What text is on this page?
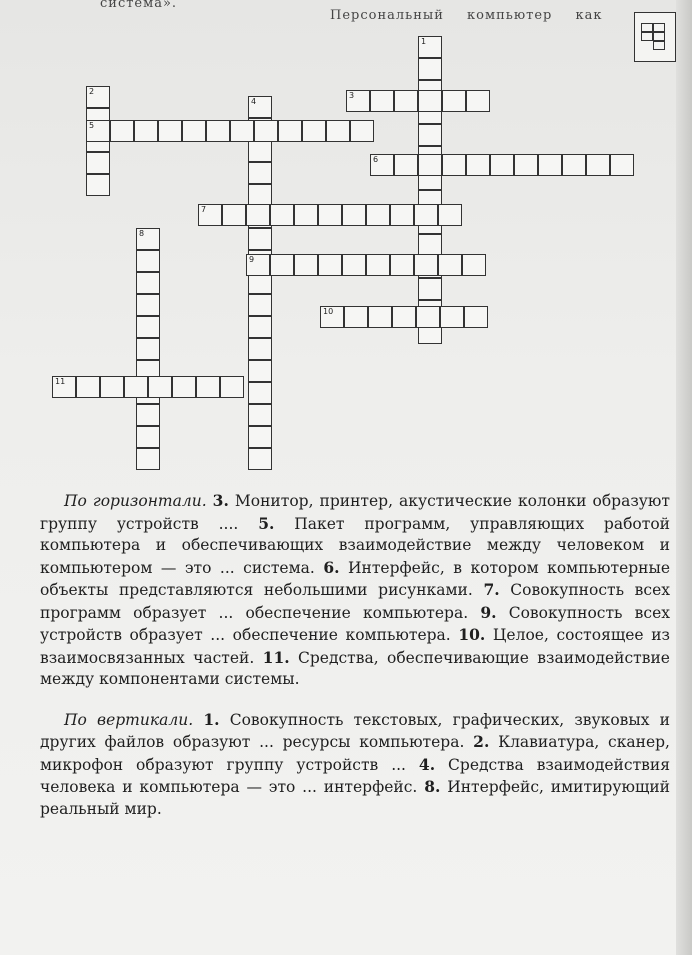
система».
Персональный компьютер как
1
2
4
8
3
5
6
7
9
10
11

По горизонтали. 3. Монитор, принтер, акустические колонки образуют группу устройств .... 5. Пакет программ, управляющих работой компьютера и обеспечивающих взаимодействие между человеком и компьютером — это ... система. 6. Интерфейс, в котором компьютерные объекты представляются небольшими рисунками. 7. Совокупность всех программ образует ... обеспечение компьютера. 9. Совокупность всех устройств образует ... обеспечение компьютера. 10. Целое, состоящее из взаимосвязанных частей. 11. Средства, обеспечивающие взаимодействие между компонентами системы.

По вертикали. 1. Совокупность текстовых, графических, звуковых и других файлов образуют ... ресурсы компьютера. 2. Клавиатура, сканер, микрофон образуют группу устройств ... 4. Средства взаимодействия человека и компьютера — это ... интерфейс. 8. Интерфейс, имитирующий реальный мир.
